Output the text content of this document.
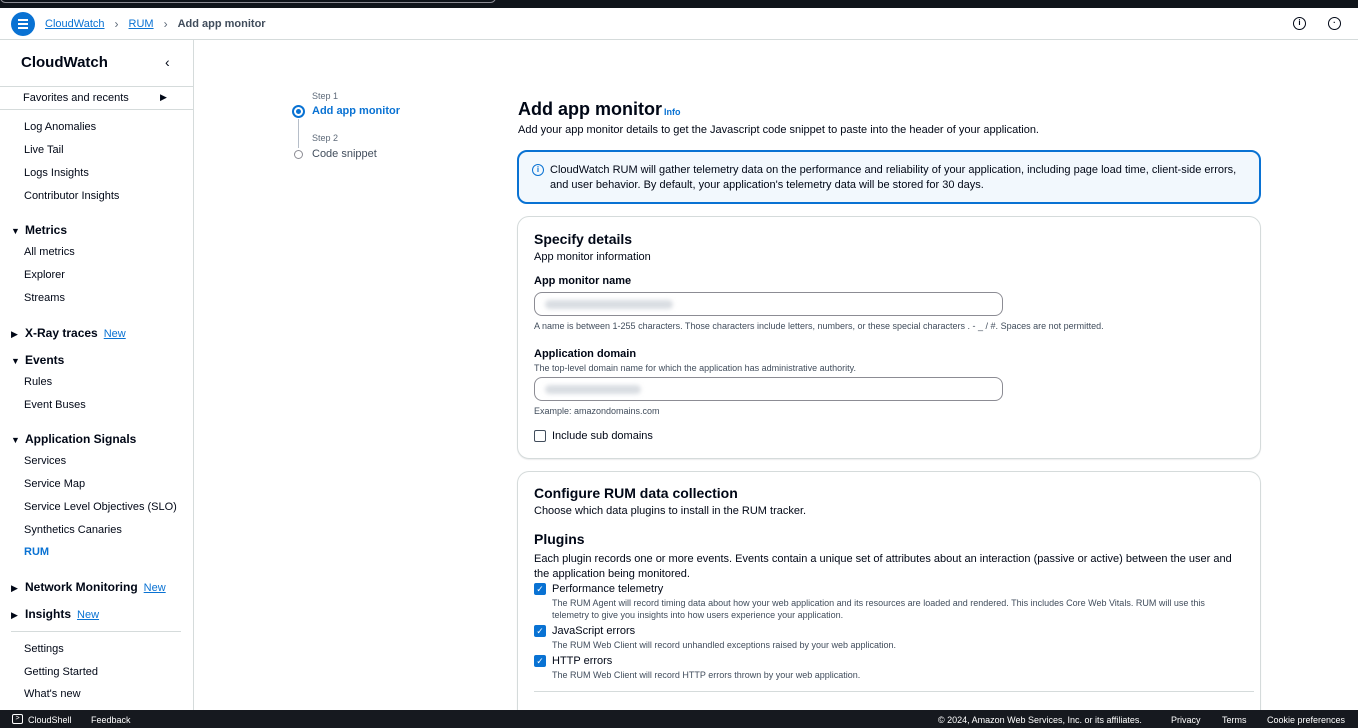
CloudWatch › RUM › Add app monitor	i	·
CloudWatch	‹
Favorites and recents	▶
Log Anomalies
Live Tail
Logs Insights
Contributor Insights
▼ Metrics
All metrics
Explorer
Streams
▶ X-Ray traces New
▼ Events
Rules
Event Buses
▼ Application Signals
Services
Service Map
Service Level Objectives (SLO)
Synthetics Canaries
RUM
▶ Network Monitoring New
▶ Insights New
Settings
Getting Started
What's new
Step 1
Add app monitor
Step 2
Code snippet
Add app monitor Info
Add your app monitor details to get the Javascript code snippet to paste into the header of your application.
i CloudWatch RUM will gather telemetry data on the performance and reliability of your application, including page load time, client-side errors, and user behavior. By default, your application's telemetry data will be stored for 30 days.
Specify details
App monitor information
App monitor name
A name is between 1-255 characters. Those characters include letters, numbers, or these special characters . - _ / #. Spaces are not permitted.
Application domain
The top-level domain name for which the application has administrative authority.
Example: amazondomains.com
Include sub domains
Configure RUM data collection
Choose which data plugins to install in the RUM tracker.
Plugins
Each plugin records one or more events. Events contain a unique set of attributes about an interaction (passive or active) between the user and the application being monitored.
✓ Performance telemetry
The RUM Agent will record timing data about how your web application and its resources are loaded and rendered. This includes Core Web Vitals. RUM will use this telemetry to give you insights into how users experience your application.
✓ JavaScript errors
The RUM Web Client will record unhandled exceptions raised by your web application.
✓ HTTP errors
The RUM Web Client will record HTTP errors thrown by your web application.
> CloudShell Feedback	© 2024, Amazon Web Services, Inc. or its affiliates.	Privacy Terms Cookie preferences
